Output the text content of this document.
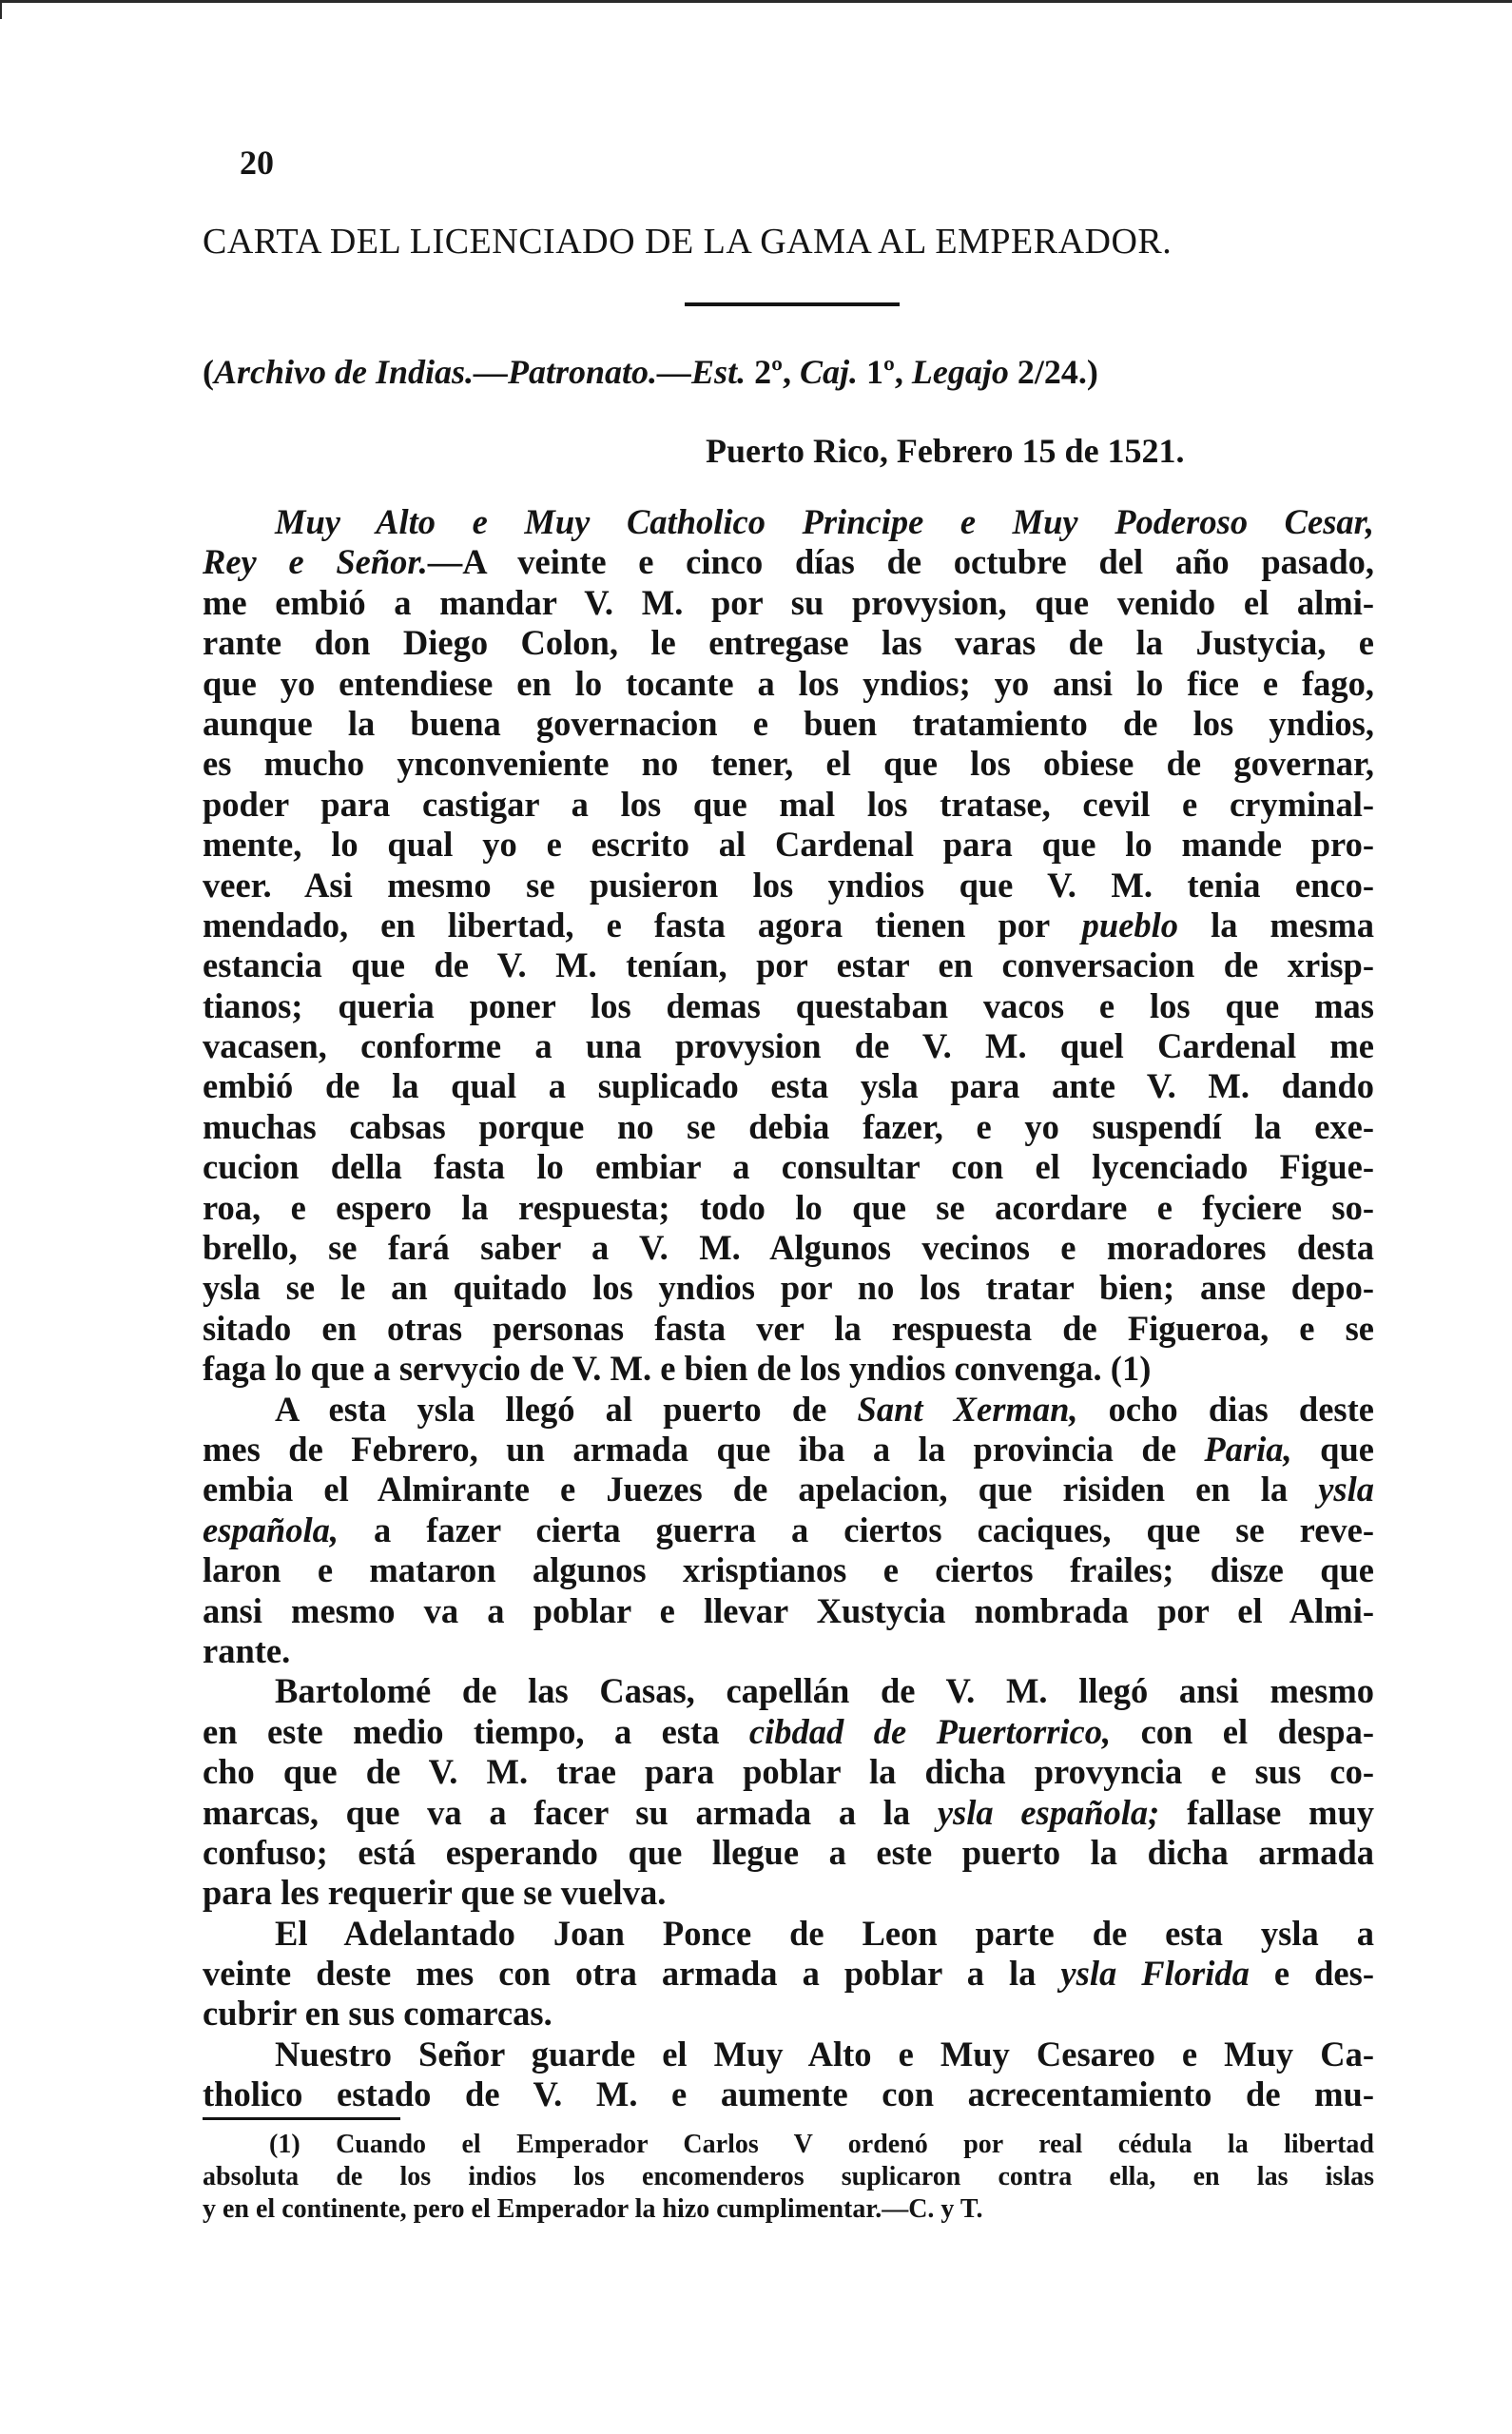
20
CARTA DEL LICENCIADO DE LA GAMA AL EMPERADOR.
(Archivo de Indias.—Patronato.—Est. 2º, Caj. 1º, Legajo 2/24.)
Puerto Rico, Febrero 15 de 1521.
Muy Alto e Muy Catholico Principe e Muy Poderoso Cesar,
Rey e Señor.—A veinte e cinco días de octubre del año pasado,
me embió a mandar V. M. por su provysion, que venido el almi-
rante don Diego Colon, le entregase las varas de la Justycia, e
que yo entendiese en lo tocante a los yndios; yo ansi lo fice e fago,
aunque la buena governacion e buen tratamiento de los yndios,
es mucho ynconveniente no tener, el que los obiese de governar,
poder para castigar a los que mal los tratase, cevil e cryminal-
mente, lo qual yo e escrito al Cardenal para que lo mande pro-
veer. Asi mesmo se pusieron los yndios que V. M. tenia enco-
mendado, en libertad, e fasta agora tienen por pueblo la mesma
estancia que de V. M. tenían, por estar en conversacion de xrisp-
tianos; queria poner los demas questaban vacos e los que mas
vacasen, conforme a una provysion de V. M. quel Cardenal me
embió de la qual a suplicado esta ysla para ante V. M. dando
muchas cabsas porque no se debia fazer, e yo suspendí la exe-
cucion della fasta lo embiar a consultar con el lycenciado Figue-
roa, e espero la respuesta; todo lo que se acordare e fyciere so-
brello, se fará saber a V. M. Algunos vecinos e moradores desta
ysla se le an quitado los yndios por no los tratar bien; anse depo-
sitado en otras personas fasta ver la respuesta de Figueroa, e se
faga lo que a servycio de V. M. e bien de los yndios convenga. (1)
A esta ysla llegó al puerto de Sant Xerman, ocho dias deste
mes de Febrero, un armada que iba a la provincia de Paria, que
embia el Almirante e Juezes de apelacion, que risiden en la ysla
española, a fazer cierta guerra a ciertos caciques, que se reve-
laron e mataron algunos xrisptianos e ciertos frailes; disze que
ansi mesmo va a poblar e llevar Xustycia nombrada por el Almi-
rante.
Bartolomé de las Casas, capellán de V. M. llegó ansi mesmo
en este medio tiempo, a esta cibdad de Puertorrico, con el despa-
cho que de V. M. trae para poblar la dicha provyncia e sus co-
marcas, que va a facer su armada a la ysla española; fallase muy
confuso; está esperando que llegue a este puerto la dicha armada
para les requerir que se vuelva.
El Adelantado Joan Ponce de Leon parte de esta ysla a
veinte deste mes con otra armada a poblar a la ysla Florida e des-
cubrir en sus comarcas.
Nuestro Señor guarde el Muy Alto e Muy Cesareo e Muy Ca-
tholico estado de V. M. e aumente con acrecentamiento de mu-
(1) Cuando el Emperador Carlos V ordenó por real cédula la libertad
absoluta de los indios los encomenderos suplicaron contra ella, en las islas
y en el continente, pero el Emperador la hizo cumplimentar.—C. y T.
